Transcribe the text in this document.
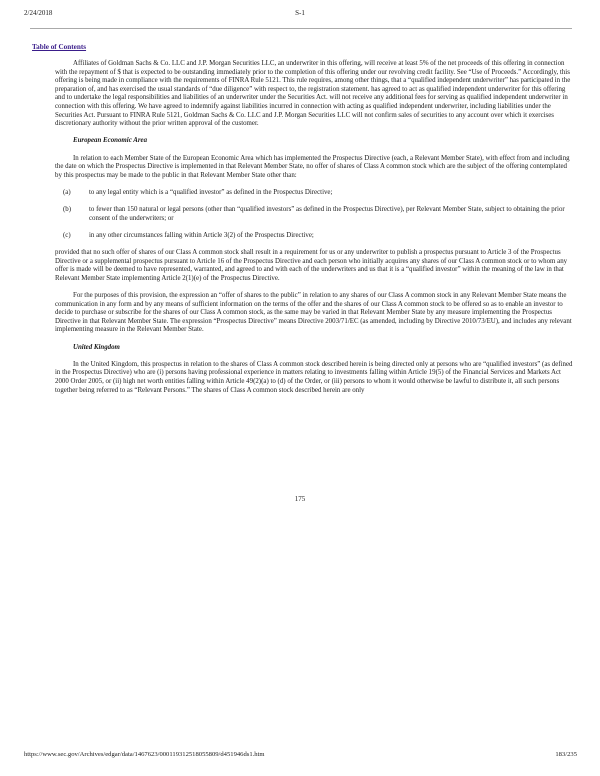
2/24/2018	S-1
Table of Contents

Affiliates of Goldman Sachs & Co. LLC and J.P. Morgan Securities LLC, an underwriter in this offering, will receive at least 5% of the net proceeds of this offering in connection with the repayment of $ that is expected to be outstanding immediately prior to the completion of this offering under our revolving credit facility. See “Use of Proceeds.” Accordingly, this offering is being made in compliance with the requirements of FINRA Rule 5121. This rule requires, among other things, that a “qualified independent underwriter” has participated in the preparation of, and has exercised the usual standards of “due diligence” with respect to, the registration statement. has agreed to act as qualified independent underwriter for this offering and to undertake the legal responsibilities and liabilities of an underwriter under the Securities Act. will not receive any additional fees for serving as qualified independent underwriter in connection with this offering. We have agreed to indemnify against liabilities incurred in connection with acting as qualified independent underwriter, including liabilities under the Securities Act. Pursuant to FINRA Rule 5121, Goldman Sachs & Co. LLC and J.P. Morgan Securities LLC will not confirm sales of securities to any account over which it exercises discretionary authority without the prior written approval of the customer.

European Economic Area

In relation to each Member State of the European Economic Area which has implemented the Prospectus Directive (each, a Relevant Member State), with effect from and including the date on which the Prospectus Directive is implemented in that Relevant Member State, no offer of shares of Class A common stock which are the subject of the offering contemplated by this prospectus may be made to the public in that Relevant Member State other than:

(a)	to any legal entity which is a “qualified investor” as defined in the Prospectus Directive;
(b)	to fewer than 150 natural or legal persons (other than “qualified investors” as defined in the Prospectus Directive), per Relevant Member State, subject to obtaining the prior consent of the underwriters; or
(c)	in any other circumstances falling within Article 3(2) of the Prospectus Directive;

provided that no such offer of shares of our Class A common stock shall result in a requirement for us or any underwriter to publish a prospectus pursuant to Article 3 of the Prospectus Directive or a supplemental prospectus pursuant to Article 16 of the Prospectus Directive and each person who initially acquires any shares of our Class A common stock or to whom any offer is made will be deemed to have represented, warranted, and agreed to and with each of the underwriters and us that it is a “qualified investor” within the meaning of the law in that Relevant Member State implementing Article 2(1)(e) of the Prospectus Directive.

For the purposes of this provision, the expression an “offer of shares to the public” in relation to any shares of our Class A common stock in any Relevant Member State means the communication in any form and by any means of sufficient information on the terms of the offer and the shares of our Class A common stock to be offered so as to enable an investor to decide to purchase or subscribe for the shares of our Class A common stock, as the same may be varied in that Relevant Member State by any measure implementing the Prospectus Directive in that Relevant Member State. The expression “Prospectus Directive” means Directive 2003/71/EC (as amended, including by Directive 2010/73/EU), and includes any relevant implementing measure in the Relevant Member State.

United Kingdom

In the United Kingdom, this prospectus in relation to the shares of Class A common stock described herein is being directed only at persons who are “qualified investors” (as defined in the Prospectus Directive) who are (i) persons having professional experience in matters relating to investments falling within Article 19(5) of the Financial Services and Markets Act 2000 Order 2005, or (ii) high net worth entities falling within Article 49(2)(a) to (d) of the Order, or (iii) persons to whom it would otherwise be lawful to distribute it, all such persons together being referred to as “Relevant Persons.” The shares of Class A common stock described herein are only

175
https://www.sec.gov/Archives/edgar/data/1467623/000119312518055809/d451946ds1.htm	183/235
